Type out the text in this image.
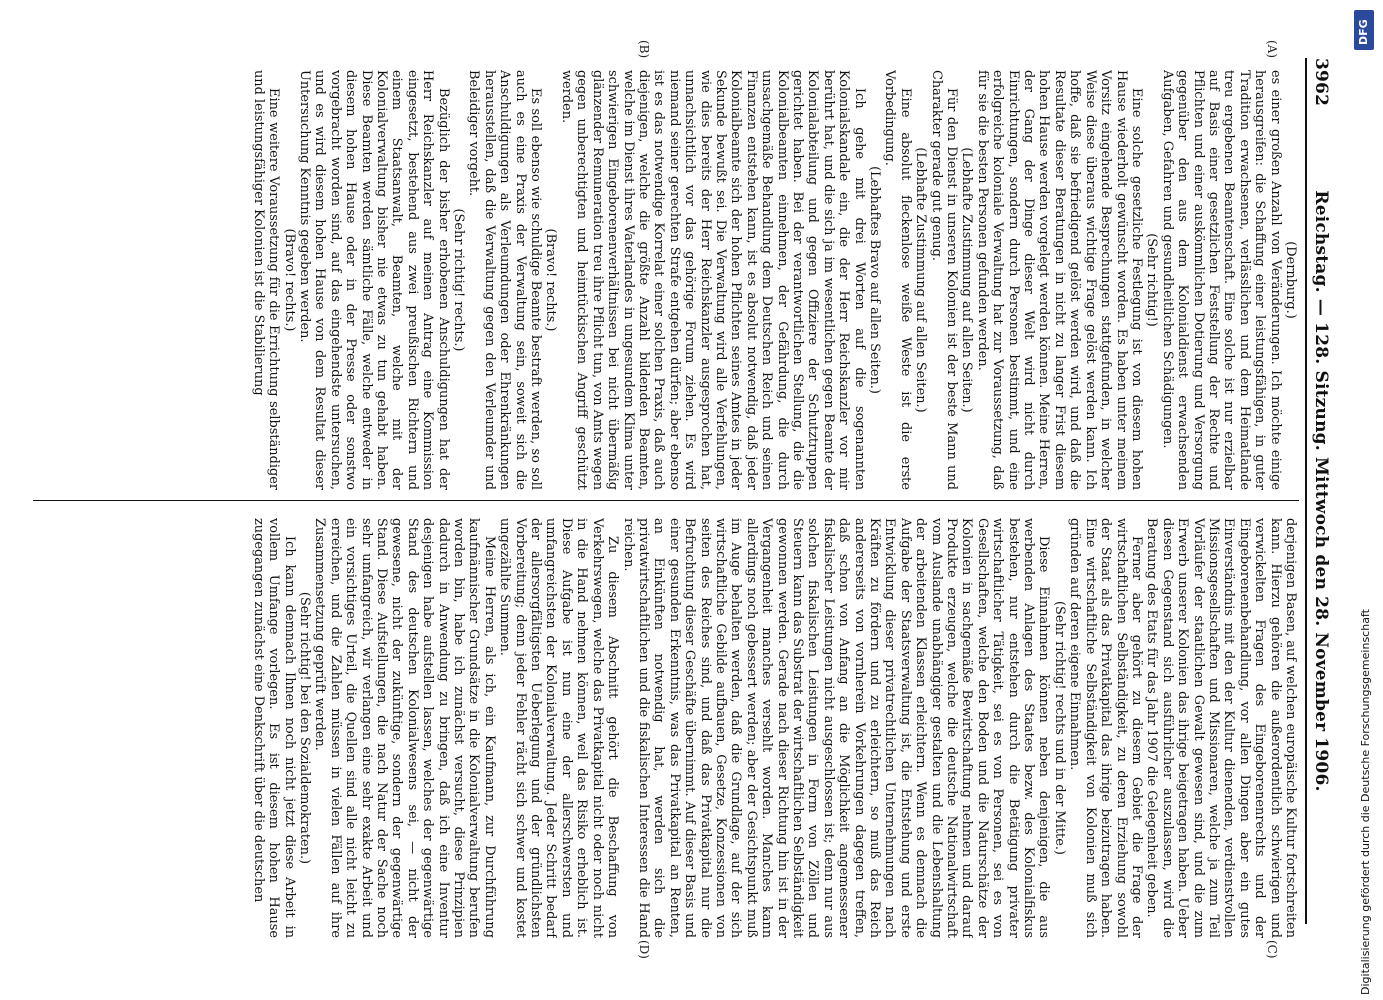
3962
Reichstag. — 128. Sitzung. Mittwoch den 28. November 1906.
(A)
(B)
(C)
(D)

(Dernburg.)

es einer großen Anzahl von Veränderungen. Ich möchte einige herausgreifen: die Schaffung einer leistungsfähigen, in guter Tradition erwachsenen, verlässlichen und dem Heimatlande treu ergebenen Beamtenschaft. Eine solche ist nur erzielbar auf Basis einer gesetzlichen Feststellung der Rechte und Pflichten und einer auskömmlichen Dotierung und Versorgung gegenüber den aus dem Kolonialdienst erwachsenden Aufgaben, Gefahren und gesundheitlichen Schädigungen.

(Sehr richtig!)

Eine solche gesetzliche Festlegung ist von diesem hohen Hause wiederholt gewünscht worden. Es haben unter meinem Vorsitz eingehende Besprechungen stattgefunden, in welcher Weise diese überaus wichtige Frage gelöst werden kann. Ich hoffe, daß sie befriedigend gelöst werden wird, und daß die Resultate dieser Beratungen in nicht zu langer Frist diesem hohen Hause werden vorgelegt werden können. Meine Herren, der Gang der Dinge dieser Welt wird nicht durch Einrichtungen, sondern durch Personen bestimmt, und eine erfolgreiche koloniale Verwaltung hat zur Voraussetzung, daß für sie die besten Personen gefunden werden.

(Lebhafte Zustimmung auf allen Seiten.)

Für den Dienst in unseren Kolonien ist der beste Mann und Charakter gerade gut genug.

(Lebhafte Zustimmung auf allen Seiten.)

Eine absolut fleckenlose weiße Weste ist die erste Vorbedingung.

(Lebhaftes Bravo auf allen Seiten.)

Ich gehe mit drei Worten auf die sogenannten Kolonialskandale ein, die der Herr Reichskanzler vor mir berührt hat, und die sich ja im wesentlichen gegen Beamte der Kolonialabteilung und gegen Offiziere der Schutztruppen gerichtet haben. Bei der verantwortlichen Stellung, die die Kolonialbeamten einnehmen, der Gefährdung, die durch unsachgemäße Behandlung dem Deutschen Reich und seinen Finanzen entstehen kann, ist es absolut notwendig, daß jeder Kolonialbeamte sich der hohen Pflichten seines Amtes in jeder Sekunde bewußt sei. Die Verwaltung wird alle Verfehlungen, wie dies bereits der Herr Reichskanzler ausgesprochen hat, unnachsichtlich vor das gehörige Forum ziehen. Es wird niemand seiner gerechten Strafe entgehen dürfen; aber ebenso ist es das notwendige Korrelat einer solchen Praxis, daß auch diejenigen, welche die größte Anzahl bildenden Beamten, welche im Dienst ihres Vaterlandes in ungesundem Klima unter schwierigen Eingeborenenverhältnissen bei nicht übermäßig glänzender Remuneration treu ihre Pflicht tun, von Amts wegen gegen unberechtigten und heimtückischen Angriff geschützt werden.

(Bravo! rechts.)

Es soll ebenso wie schuldige Beamte bestraft werden, so soll auch es eine Praxis der Verwaltung sein, soweit sich die Anschuldigungen als Verleumdungen oder Ehrenkränkungen herausstellen, daß die Verwaltung gegen den Verleumder und Beleidiger vorgeht.

(Sehr richtig! rechts.)

Bezüglich der bisher erhobenen Anschuldigungen hat der Herr Reichskanzler auf meinen Antrag eine Kommission eingesetzt, bestehend aus zwei preußischen Richtern und einem Staatsanwalt, Beamten, welche mit der Kolonialverwaltung bisher nie etwas zu tun gehabt haben. Diese Beamten werden sämtliche Fälle, welche entweder in diesem hohen Hause oder in der Presse oder sonstwo vorgebracht worden sind, auf das eingehendste untersuchen, und es wird diesem hohen Hause von dem Resultat dieser Untersuchung Kenntnis gegeben werden.

(Bravo! rechts.)

Eine weitere Voraussetzung für die Errichtung selbständiger und leistungsfähiger Kolonien ist die Stabilierung

derjenigen Basen, auf welchen europäische Kultur fortschreiten kann. Hierzu gehören die außerordentlich schwierigen und verwickelten Fragen des Eingeborenenrechts und der Eingeborenenbehandlung, vor allen Dingen aber ein gutes Einverständnis mit den der Kultur dienenden, verdienstvollen Missionsgesellschaften und Missionaren, welche ja zum Teil Vorläufer der staatlichen Gewalt gewesen sind, und die zum Erwerb unserer Kolonien das ihrige beigetragen haben. Ueber diesen Gegenstand sich ausführlicher auszulassen, wird die Beratung des Etats für das Jahr 1907 die Gelegenheit geben.

Ferner aber gehört zu diesem Gebiet die Frage der wirtschaftlichen Selbständigkeit, zu deren Erziehung sowohl der Staat als das Privatkapital das ihrige beizutragen haben. Eine wirtschaftliche Selbständigkeit von Kolonien muß sich gründen auf deren eigene Einnahmen.

(Sehr richtig! rechts und in der Mitte.)

Diese Einnahmen können neben denjenigen, die aus werbenden Anlagen des Staates bezw. des Kolonialfiskus bestehen, nur entstehen durch die Betätigung privater wirtschaftlicher Tätigkeit, sei es von Personen, sei es von Gesellschaften, welche den Boden und die Naturschätze der Kolonien in sachgemäße Bewirtschaftung nehmen und darauf Produkte erzeugen, welche die deutsche Nationalwirtschaft vom Auslande unabhängiger gestalten und die Lebenshaltung der arbeitenden Klassen erleichtern. Wenn es demnach die Aufgabe der Staatsverwaltung ist, die Entstehung und erste Entwicklung dieser privatrechtlichen Unternehmungen nach Kräften zu fördern und zu erleichtern, so muß das Reich andererseits von vornherein Vorkehrungen dagegen treffen, daß schon von Anfang an die Möglichkeit angemessener fiskalischer Leistungen nicht ausgeschlossen ist; denn nur aus solchen fiskalischen Leistungen in Form von Zöllen und Steuern kann das Substrat der wirtschaftlichen Selbständigkeit gewonnen werden. Gerade nach dieser Richtung hin ist in der Vergangenheit manches versehlt worden. Manches kann allerdings noch gebessert werden; aber der Gesichtspunkt muß im Auge behalten werden, daß die Grundlage, auf der sich wirtschaftliche Gebilde aufbauen, Gesetze, Konzessionen von seiten des Reiches sind, und daß das Privatkapital nur die Befruchtung dieser Geschäfte übernimmt. Auf dieser Basis und einer gesunden Erkenntnis, was das Privatkapital an Renten, an Einkünften notwendig hat, werden sich die privatwirtschaftlichen und die fiskalischen Interessen die Hand reichen.

Zu diesem Abschnitt gehört die Beschaffung von Verkehrswegen, welche das Privatkapital nicht oder noch nicht in die Hand nehmen können, weil das Risiko erheblich ist. Diese Aufgabe ist nun eine der allerschwersten und umfangreichsten der Kolonialverwaltung. Jeder Schritt bedarf der allersorgfältigsten Ueberlegung und der gründlichsten Vorbereitung; denn jeder Fehler rächt sich schwer und kostet ungezählte Summen.

Meine Herren, als ich, ein Kaufmann, zur Durchführung kaufmännischer Grundsätze in die Kolonialverwaltung berufen worden bin, habe ich zunächst versucht, diese Prinzipien dadurch in Anwendung zu bringen, daß ich eine Inventur desjenigen habe aufstellen lassen, welches der gegenwärtige Stand des deutschen Kolonialwesens sei, — nicht der gewesene, nicht der zukünftige, sondern der gegenwärtige Stand. Diese Aufstellungen, die nach Natur der Sache noch sehr umfangreich, wir verlangen eine sehr exakte Arbeit und ein vorsichtiges Urteil, die Quellen sind alle nicht leicht zu erreichen, und die Zahlen müssen in vielen Fällen auf ihre Zusammensetzung geprüft werden.

(Sehr richtig! bei den Sozialdemokraten.)

Ich kann demnach Ihnen noch nicht jetzt diese Arbeit in vollem Umfange vorlegen. Es ist diesem hohen Hause zugegangen zunächst eine Denkschrift über die deutschen	Digitalisierung gefördert durch die Deutsche Forschungsgemeinschaft
DFG
